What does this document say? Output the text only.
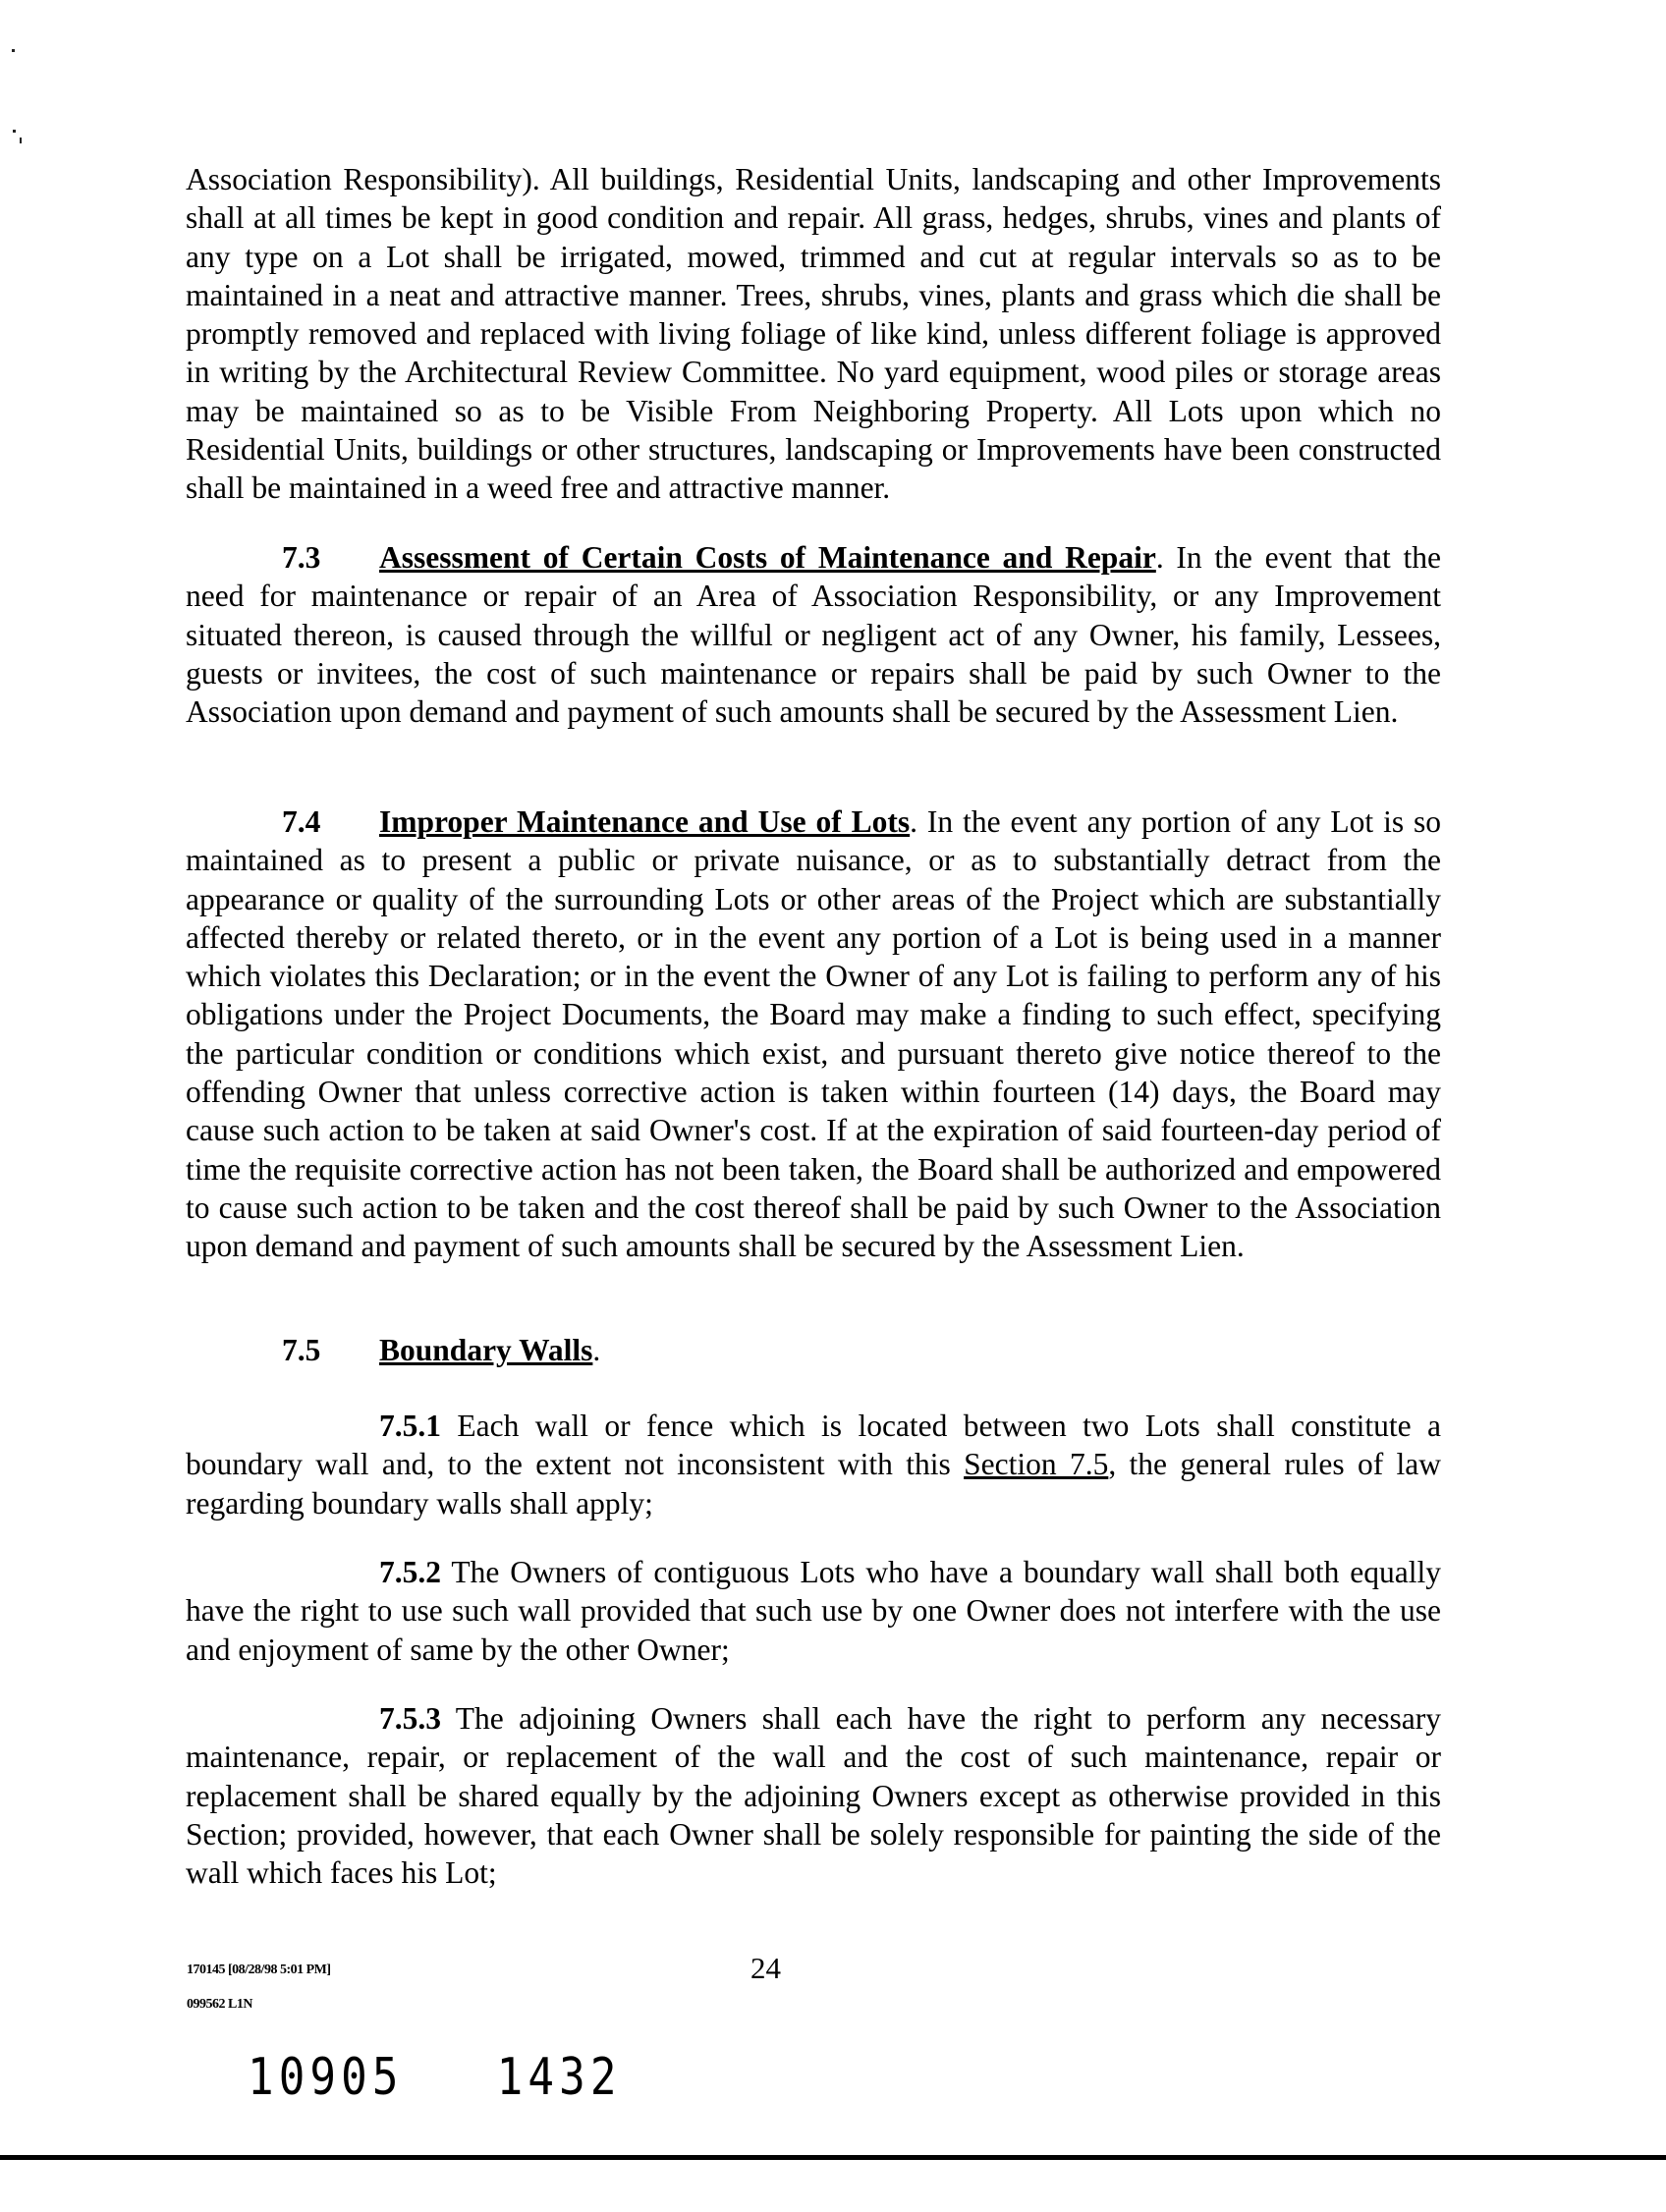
Association Responsibility). All buildings, Residential Units, landscaping and other Improvements shall at all times be kept in good condition and repair. All grass, hedges, shrubs, vines and plants of any type on a Lot shall be irrigated, mowed, trimmed and cut at regular intervals so as to be maintained in a neat and attractive manner. Trees, shrubs, vines, plants and grass which die shall be promptly removed and replaced with living foliage of like kind, unless different foliage is approved in writing by the Architectural Review Committee. No yard equipment, wood piles or storage areas may be maintained so as to be Visible From Neighboring Property. All Lots upon which no Residential Units, buildings or other structures, landscaping or Improvements have been constructed shall be maintained in a weed free and attractive manner.
7.3 Assessment of Certain Costs of Maintenance and Repair. In the event that the need for maintenance or repair of an Area of Association Responsibility, or any Improvement situated thereon, is caused through the willful or negligent act of any Owner, his family, Lessees, guests or invitees, the cost of such maintenance or repairs shall be paid by such Owner to the Association upon demand and payment of such amounts shall be secured by the Assessment Lien.
7.4 Improper Maintenance and Use of Lots. In the event any portion of any Lot is so maintained as to present a public or private nuisance, or as to substantially detract from the appearance or quality of the surrounding Lots or other areas of the Project which are substantially affected thereby or related thereto, or in the event any portion of a Lot is being used in a manner which violates this Declaration; or in the event the Owner of any Lot is failing to perform any of his obligations under the Project Documents, the Board may make a finding to such effect, specifying the particular condition or conditions which exist, and pursuant thereto give notice thereof to the offending Owner that unless corrective action is taken within fourteen (14) days, the Board may cause such action to be taken at said Owner's cost. If at the expiration of said fourteen-day period of time the requisite corrective action has not been taken, the Board shall be authorized and empowered to cause such action to be taken and the cost thereof shall be paid by such Owner to the Association upon demand and payment of such amounts shall be secured by the Assessment Lien.
7.5 Boundary Walls.
7.5.1 Each wall or fence which is located between two Lots shall constitute a boundary wall and, to the extent not inconsistent with this Section 7.5, the general rules of law regarding boundary walls shall apply;
7.5.2 The Owners of contiguous Lots who have a boundary wall shall both equally have the right to use such wall provided that such use by one Owner does not interfere with the use and enjoyment of same by the other Owner;
7.5.3 The adjoining Owners shall each have the right to perform any necessary maintenance, repair, or replacement of the wall and the cost of such maintenance, repair or replacement shall be shared equally by the adjoining Owners except as otherwise provided in this Section; provided, however, that each Owner shall be solely responsible for painting the side of the wall which faces his Lot;
170145 [08/28/98 5:01 PM]
099562 L1N
24
10905   1432
